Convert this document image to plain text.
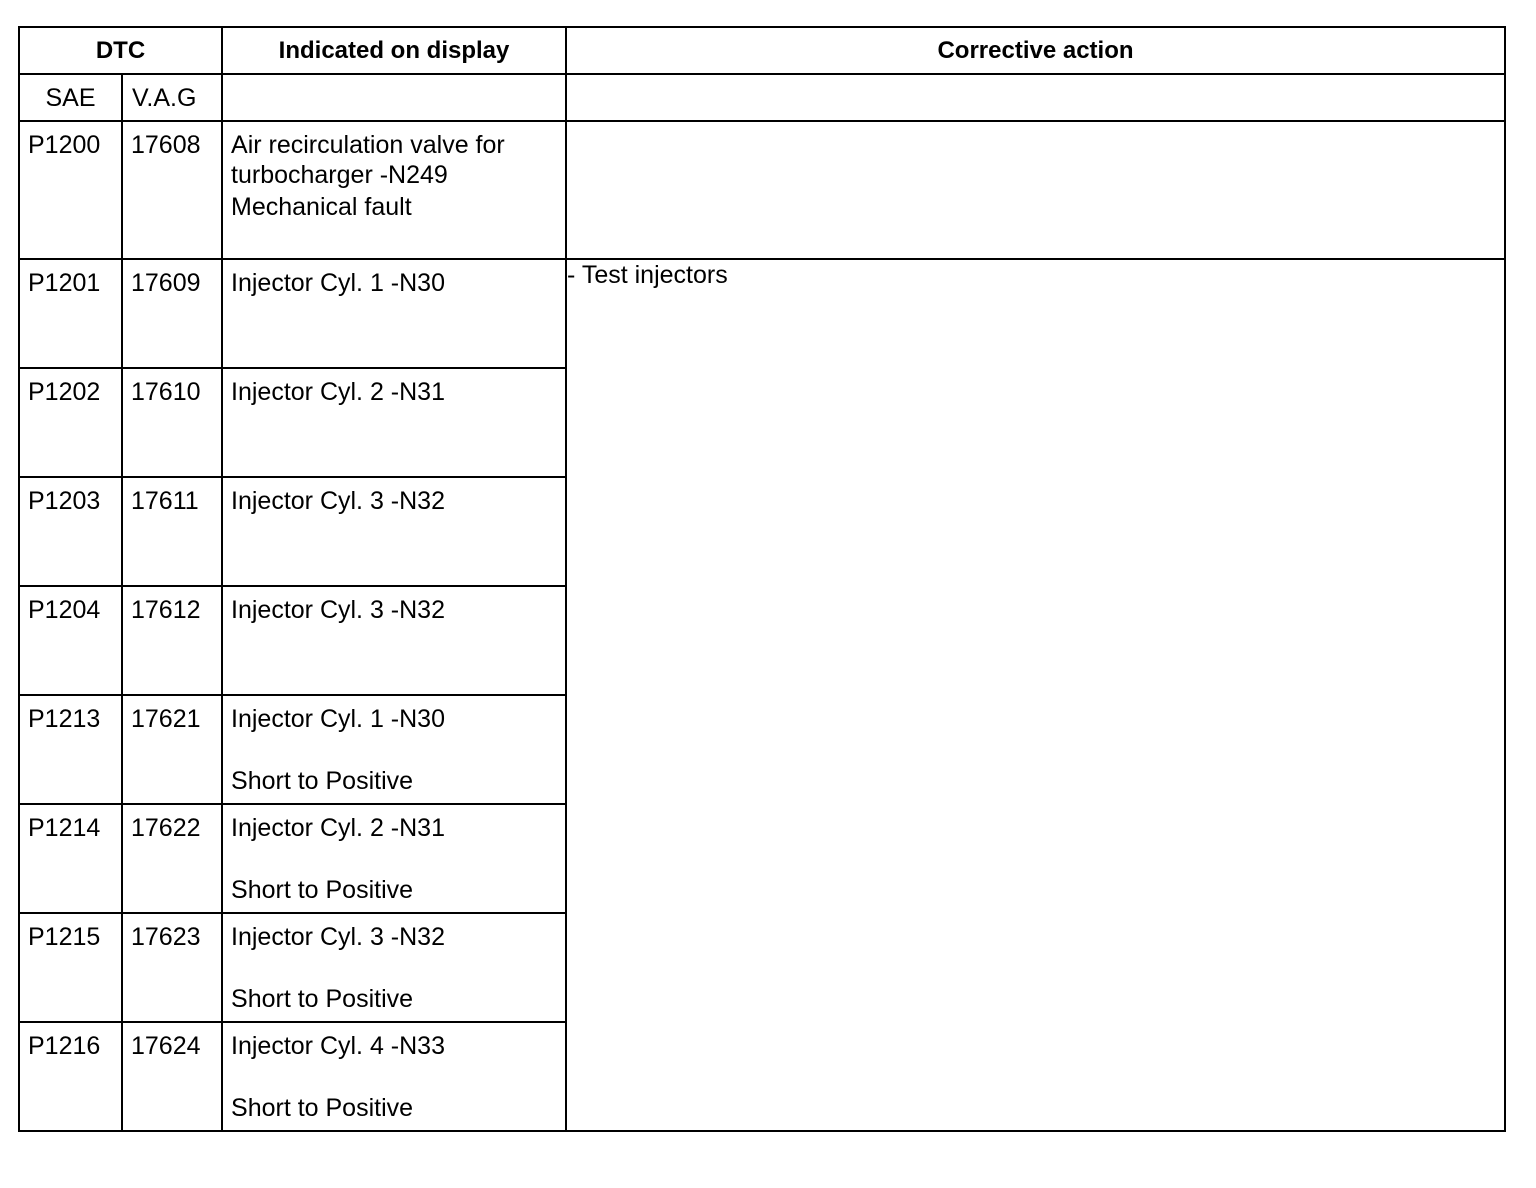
DTC		Indicated on display	Corrective action
SAE	V.A.G		

P1200	17608	Air recirculation valve for
turbocharger -N249
Mechanical fault	

P1201	17609	Injector Cyl. 1 -N30	- Test injectors

P1202	17610	Injector Cyl. 2 -N31	

P1203	17611	Injector Cyl. 3 -N32	

P1204	17612	Injector Cyl. 3 -N32	

P1213	17621	Injector Cyl. 1 -N30
Short to Positive	

P1214	17622	Injector Cyl. 2 -N31
Short to Positive	

P1215	17623	Injector Cyl. 3 -N32
Short to Positive	

P1216	17624	Injector Cyl. 4 -N33
Short to Positive	
